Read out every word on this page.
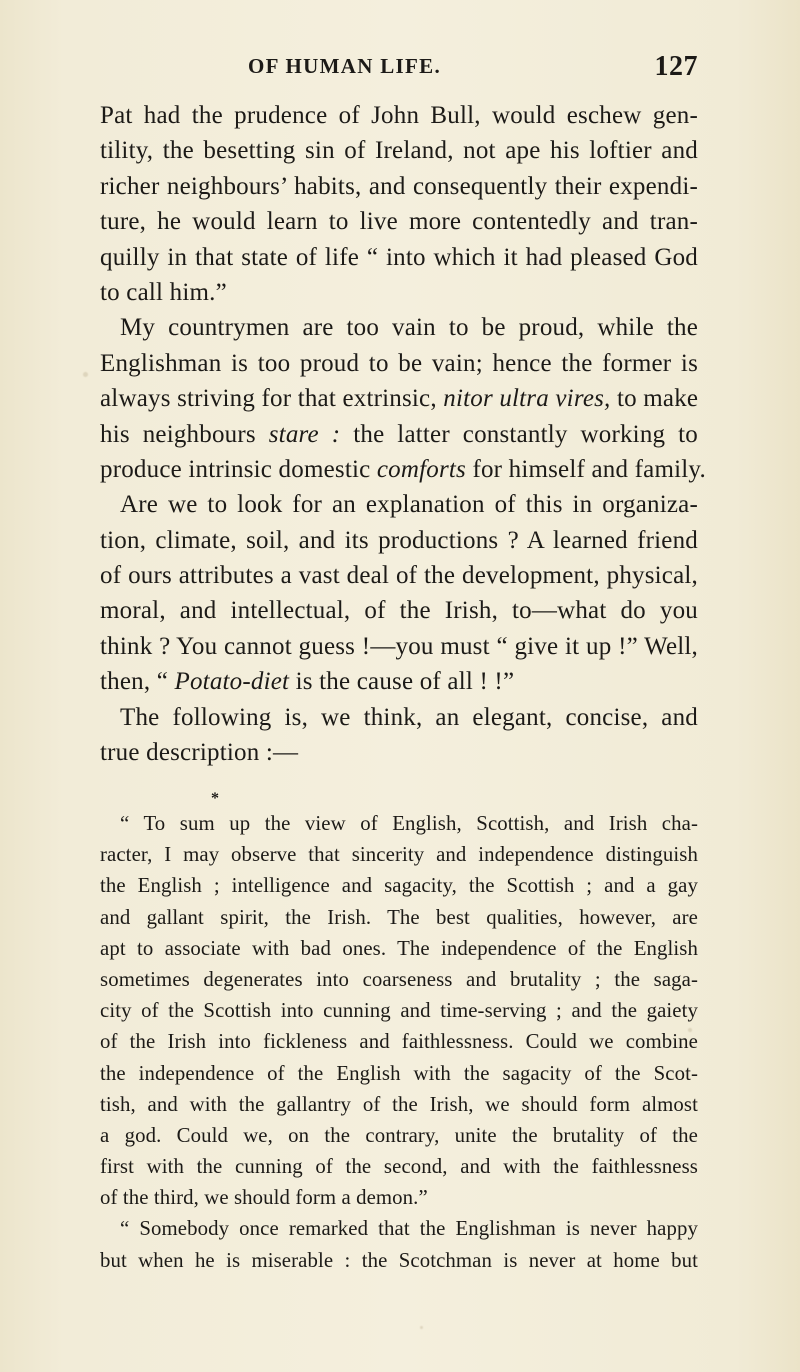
OF HUMAN LIFE.	127
Pat had the prudence of John Bull, would eschew gen-
tility, the besetting sin of Ireland, not ape his loftier and
richer neighbours’ habits, and consequently their expendi-
ture, he would learn to live more contentedly and tran-
quilly in that state of life “ into which it had pleased God
to call him.”
My countrymen are too vain to be proud, while the
Englishman is too proud to be vain; hence the former is
always striving for that extrinsic, nitor ultra vires, to make
his neighbours stare : the latter constantly working to
produce intrinsic domestic comforts for himself and family.
Are we to look for an explanation of this in organiza-
tion, climate, soil, and its productions ? A learned friend
of ours attributes a vast deal of the development, physical,
moral, and intellectual, of the Irish, to—what do you
think ? You cannot guess !—you must “ give it up !” Well,
then, “ Potato-diet is the cause of all ! !”
The following is, we think, an elegant, concise, and
true description :—
*
“ To sum up the view of English, Scottish, and Irish cha-
racter, I may observe that sincerity and independence distinguish
the English ; intelligence and sagacity, the Scottish ; and a gay
and gallant spirit, the Irish. The best qualities, however, are
apt to associate with bad ones. The independence of the English
sometimes degenerates into coarseness and brutality ; the saga-
city of the Scottish into cunning and time-serving ; and the gaiety
of the Irish into fickleness and faithlessness. Could we combine
the independence of the English with the sagacity of the Scot-
tish, and with the gallantry of the Irish, we should form almost
a god. Could we, on the contrary, unite the brutality of the
first with the cunning of the second, and with the faithlessness
of the third, we should form a demon.”
“ Somebody once remarked that the Englishman is never happy
but when he is miserable : the Scotchman is never at home but
